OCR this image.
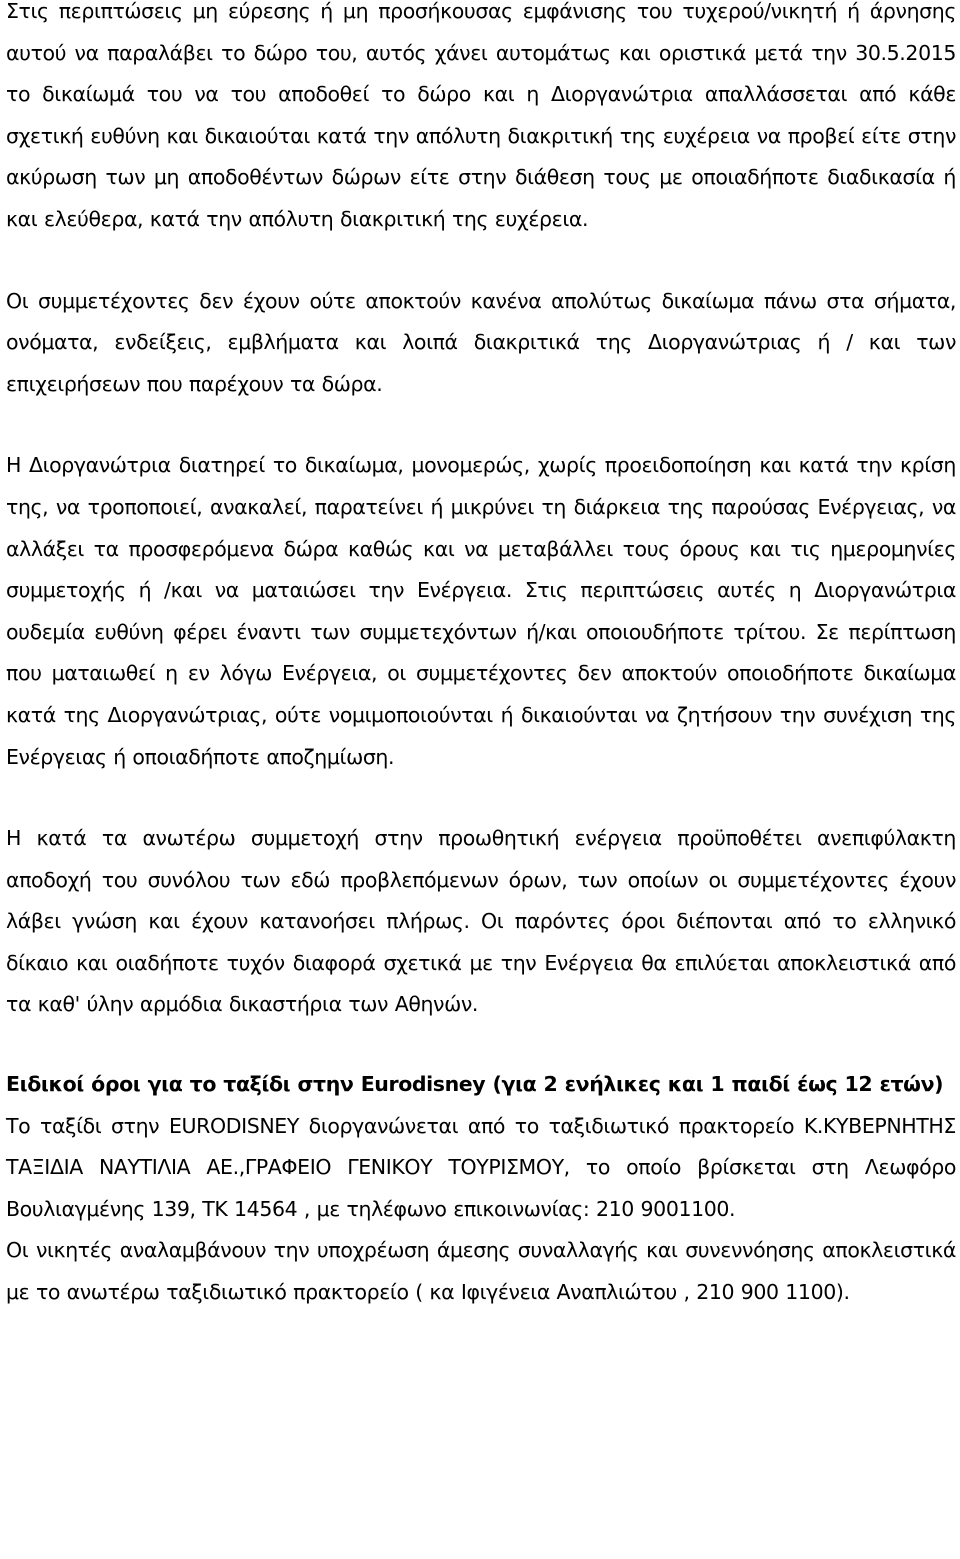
Στις περιπτώσεις μη εύρεσης ή μη προσήκουσας εμφάνισης του τυχερού/νικητή ή άρνησης αυτού να παραλάβει το δώρο του, αυτός χάνει αυτομάτως και οριστικά μετά την 30.5.2015 το δικαίωμά του να του αποδοθεί το δώρο και η Διοργανώτρια απαλλάσσεται από κάθε σχετική ευθύνη και δικαιούται κατά την απόλυτη διακριτική της ευχέρεια να προβεί είτε στην ακύρωση των μη αποδοθέντων δώρων είτε στην διάθεση τους με οποιαδήποτε διαδικασία ή και ελεύθερα, κατά την απόλυτη διακριτική της ευχέρεια.

Οι συμμετέχοντες δεν έχουν ούτε αποκτούν κανένα απολύτως δικαίωμα πάνω στα σήματα, ονόματα, ενδείξεις, εμβλήματα και λοιπά διακριτικά της Διοργανώτριας ή / και των επιχειρήσεων που παρέχουν τα δώρα.

Η Διοργανώτρια διατηρεί το δικαίωμα, μονομερώς, χωρίς προειδοποίηση και κατά την κρίση της, να τροποποιεί, ανακαλεί, παρατείνει ή μικρύνει τη διάρκεια της παρούσας Ενέργειας, να αλλάξει τα προσφερόμενα δώρα καθώς και να μεταβάλλει τους όρους και τις ημερομηνίες συμμετοχής ή /και να ματαιώσει την Ενέργεια. Στις περιπτώσεις αυτές η Διοργανώτρια ουδεμία ευθύνη φέρει έναντι των συμμετεχόντων ή/και οποιουδήποτε τρίτου. Σε περίπτωση που ματαιωθεί η εν λόγω Ενέργεια, οι συμμετέχοντες δεν αποκτούν οποιοδήποτε δικαίωμα κατά της Διοργανώτριας, ούτε νομιμοποιούνται ή δικαιούνται να ζητήσουν την συνέχιση της Ενέργειας ή οποιαδήποτε αποζημίωση.

Η κατά τα ανωτέρω συμμετοχή στην προωθητική ενέργεια προϋποθέτει ανεπιφύλακτη αποδοχή του συνόλου των εδώ προβλεπόμενων όρων, των οποίων οι συμμετέχοντες έχουν λάβει γνώση και έχουν κατανοήσει πλήρως. Οι παρόντες όροι διέπονται από το ελληνικό δίκαιο και οιαδήποτε τυχόν διαφορά σχετικά με την Ενέργεια θα επιλύεται αποκλειστικά από τα καθ' ύλην αρμόδια δικαστήρια των Αθηνών.

Ειδικοί όροι για το ταξίδι στην Eurodisney (για 2 ενήλικες και 1 παιδί έως 12 ετών)

Το ταξίδι στην EURODISNEY διοργανώνεται από το ταξιδιωτικό πρακτορείο Κ.ΚΥΒΕΡΝΗΤΗΣ ΤΑΞΙΔΙΑ ΝΑΥΤΙΛΙΑ ΑΕ.,ΓΡΑΦΕΙΟ ΓΕΝΙΚΟΥ ΤΟΥΡΙΣΜΟΥ, το οποίο βρίσκεται στη Λεωφόρο Βουλιαγμένης 139, ΤΚ 14564 , με τηλέφωνο επικοινωνίας: 210 9001100.

Οι νικητές αναλαμβάνουν την υποχρέωση άμεσης συναλλαγής και συνεννόησης αποκλειστικά με το ανωτέρω ταξιδιωτικό πρακτορείο ( κα Ιφιγένεια Αναπλιώτου , 210 900 1100).
